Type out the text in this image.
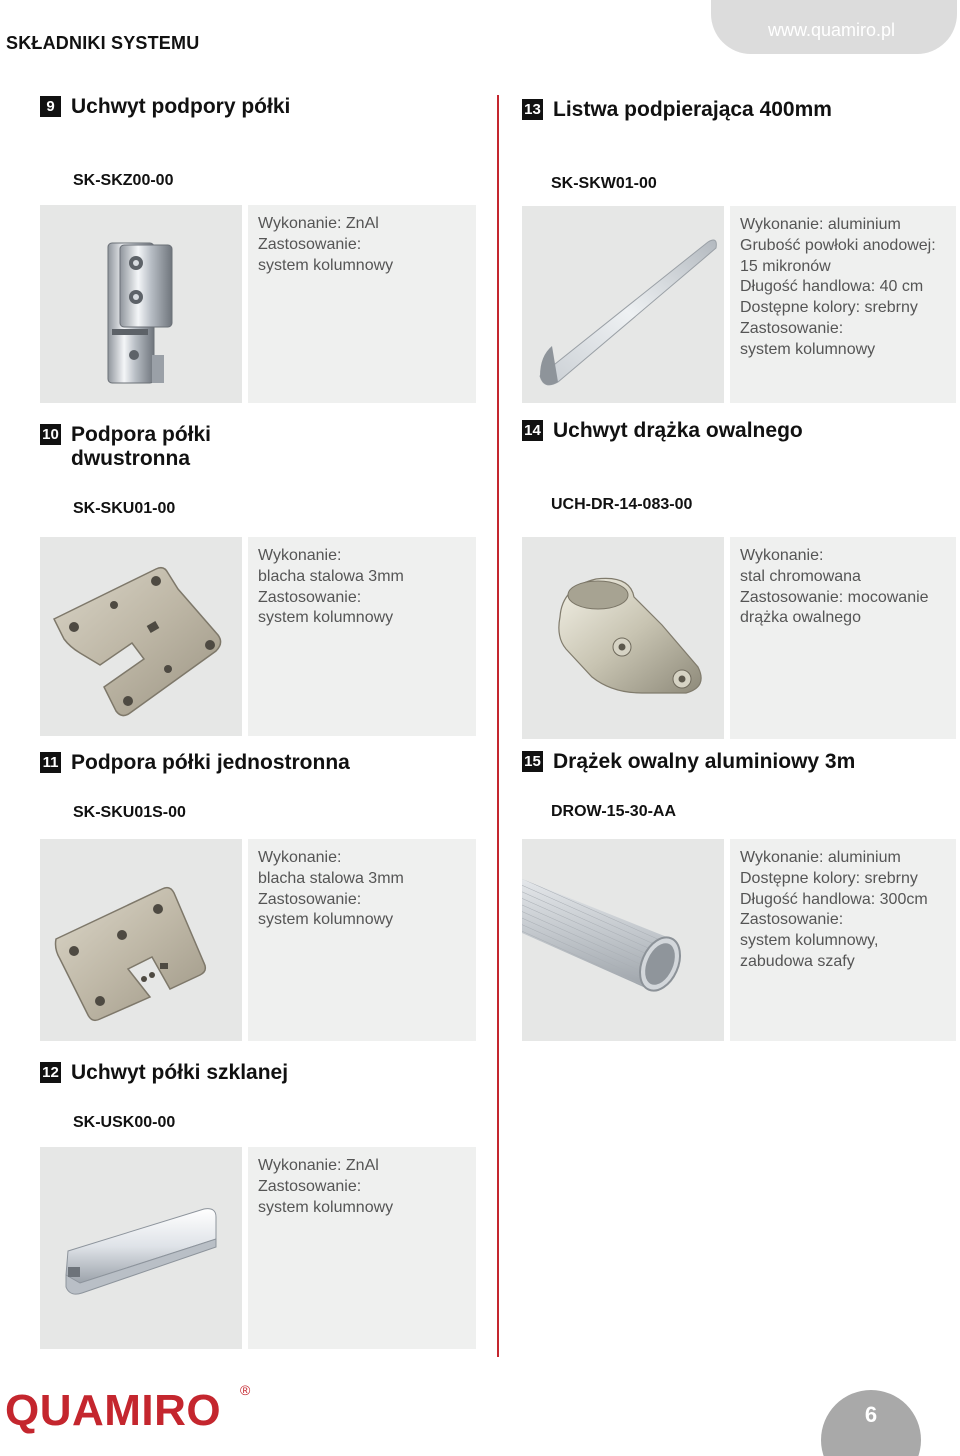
SKŁADNIKI SYSTEMU
www.quamiro.pl
9 Uchwyt podpory półki
SK-SKZ00-00
Wykonanie: ZnAl
Zastosowanie:
system kolumnowy
10 Podpora półki
dwustronna
SK-SKU01-00
Wykonanie:
blacha stalowa 3mm
Zastosowanie:
system kolumnowy
11 Podpora półki jednostronna
SK-SKU01S-00
Wykonanie:
blacha stalowa 3mm
Zastosowanie:
system kolumnowy
12 Uchwyt półki szklanej
SK-USK00-00
Wykonanie: ZnAl
Zastosowanie:
system kolumnowy
13 Listwa podpierająca 400mm
SK-SKW01-00
Wykonanie: aluminium
Grubość powłoki anodowej:
15 mikronów
Długość handlowa: 40 cm
Dostępne kolory: srebrny
Zastosowanie:
system kolumnowy
14 Uchwyt drążka owalnego
UCH-DR-14-083-00
Wykonanie:
stal chromowana
Zastosowanie: mocowanie
drążka owalnego
15 Drążek owalny aluminiowy 3m
DROW-15-30-AA
Wykonanie: aluminium
Dostępne kolory: srebrny
Długość handlowa: 300cm
Zastosowanie:
system kolumnowy,
zabudowa szafy
QUAMIRO ®
6
